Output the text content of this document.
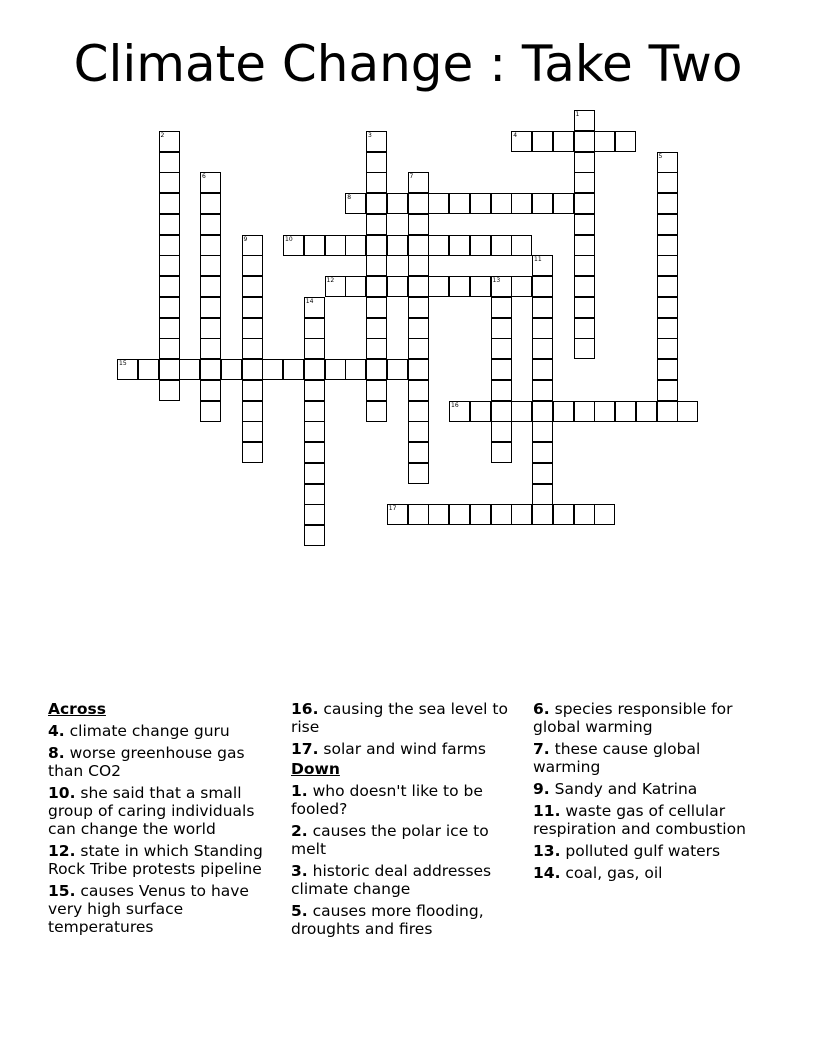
Climate Change : Take Two
1
2	3	4
5
6	7
8
9	10
11
12	13
14
15
16
17
Across
4. climate change guru
8. worse greenhouse gas than CO2
10. she said that a small group of caring individuals can change the world
12. state in which Standing Rock Tribe protests pipeline
15. causes Venus to have very high surface temperatures
16. causing the sea level to rise
17. solar and wind farms
Down
1. who doesn't like to be fooled?
2. causes the polar ice to melt
3. historic deal addresses climate change
5. causes more flooding, droughts and fires
6. species responsible for global warming
7. these cause global warming
9. Sandy and Katrina
11. waste gas of cellular respiration and combustion
13. polluted gulf waters
14. coal, gas, oil
